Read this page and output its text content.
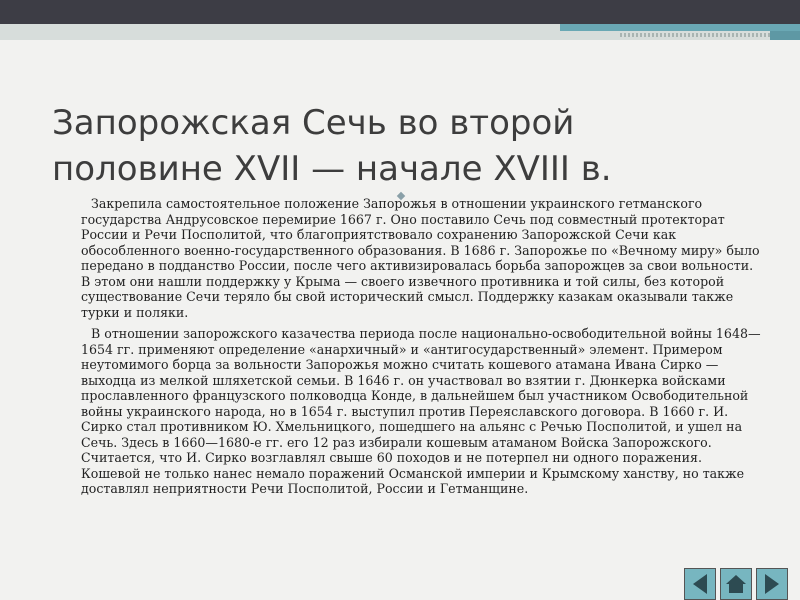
Запорожская Сечь во второй
половине XVII — начале XVIII в.

Закрепила самостоятельное положение Запорожья в отношении украинского гетманского государства Андрусовское перемирие 1667 г. Оно поставило Сечь под совместный протекторат России и Речи Посполитой, что благоприятствовало сохранению Запорожской Сечи как обособленного военно-государственного образования. В 1686 г. Запорожье по «Вечному миру» было передано в подданство России, после чего активизировалась борьба запорожцев за свои вольности. В этом они нашли поддержку у Крыма — своего извечного противника и той силы, без которой существование Сечи теряло бы свой исторический смысл. Поддержку казакам оказывали также турки и поляки.

В отношении запорожского казачества периода после национально-освободительной войны 1648—1654 гг. применяют определение «анархичный» и «антигосударственный» элемент. Примером неутомимого борца за вольности Запорожья можно считать кошевого атамана Ивана Сирко — выходца из мелкой шляхетской семьи. В 1646 г. он участвовал во взятии г. Дюнкерка войсками прославленного французского полководца Конде, в дальнейшем был участником Освободительной войны украинского народа, но в 1654 г. выступил против Переяславского договора. В 1660 г. И. Сирко стал противником Ю. Хмельницкого, пошедшего на альянс с Речью Посполитой, и ушел на Сечь. Здесь в 1660—1680-е гг. его 12 раз избирали кошевым атаманом Войска Запорожского. Считается, что И. Сирко возглавлял свыше 60 походов и не потерпел ни одного поражения. Кошевой не только нанес немало поражений Османской империи и Крымскому ханству, но также доставлял неприятности Речи Посполитой, России и Гетманщине.
